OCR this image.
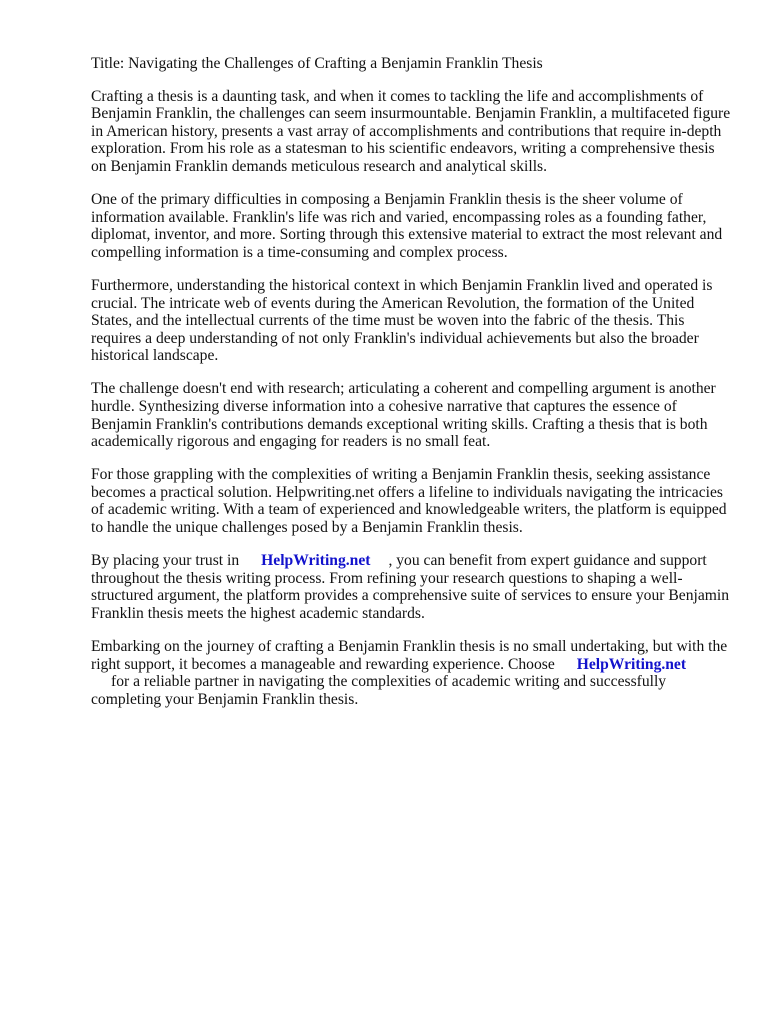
Title: Navigating the Challenges of Crafting a Benjamin Franklin Thesis

Crafting a thesis is a daunting task, and when it comes to tackling the life and accomplishments of Benjamin Franklin, the challenges can seem insurmountable. Benjamin Franklin, a multifaceted figure in American history, presents a vast array of accomplishments and contributions that require in-depth exploration. From his role as a statesman to his scientific endeavors, writing a comprehensive thesis on Benjamin Franklin demands meticulous research and analytical skills.

One of the primary difficulties in composing a Benjamin Franklin thesis is the sheer volume of information available. Franklin's life was rich and varied, encompassing roles as a founding father, diplomat, inventor, and more. Sorting through this extensive material to extract the most relevant and compelling information is a time-consuming and complex process.

Furthermore, understanding the historical context in which Benjamin Franklin lived and operated is crucial. The intricate web of events during the American Revolution, the formation of the United States, and the intellectual currents of the time must be woven into the fabric of the thesis. This requires a deep understanding of not only Franklin's individual achievements but also the broader historical landscape.

The challenge doesn't end with research; articulating a coherent and compelling argument is another hurdle. Synthesizing diverse information into a cohesive narrative that captures the essence of Benjamin Franklin's contributions demands exceptional writing skills. Crafting a thesis that is both academically rigorous and engaging for readers is no small feat.

For those grappling with the complexities of writing a Benjamin Franklin thesis, seeking assistance becomes a practical solution. Helpwriting.net offers a lifeline to individuals navigating the intricacies of academic writing. With a team of experienced and knowledgeable writers, the platform is equipped to handle the unique challenges posed by a Benjamin Franklin thesis.

By placing your trust in HelpWriting.net , you can benefit from expert guidance and support throughout the thesis writing process. From refining your research questions to shaping a well-structured argument, the platform provides a comprehensive suite of services to ensure your Benjamin Franklin thesis meets the highest academic standards.

Embarking on the journey of crafting a Benjamin Franklin thesis is no small undertaking, but with the right support, it becomes a manageable and rewarding experience. Choose HelpWriting.net
for a reliable partner in navigating the complexities of academic writing and successfully completing your Benjamin Franklin thesis.
